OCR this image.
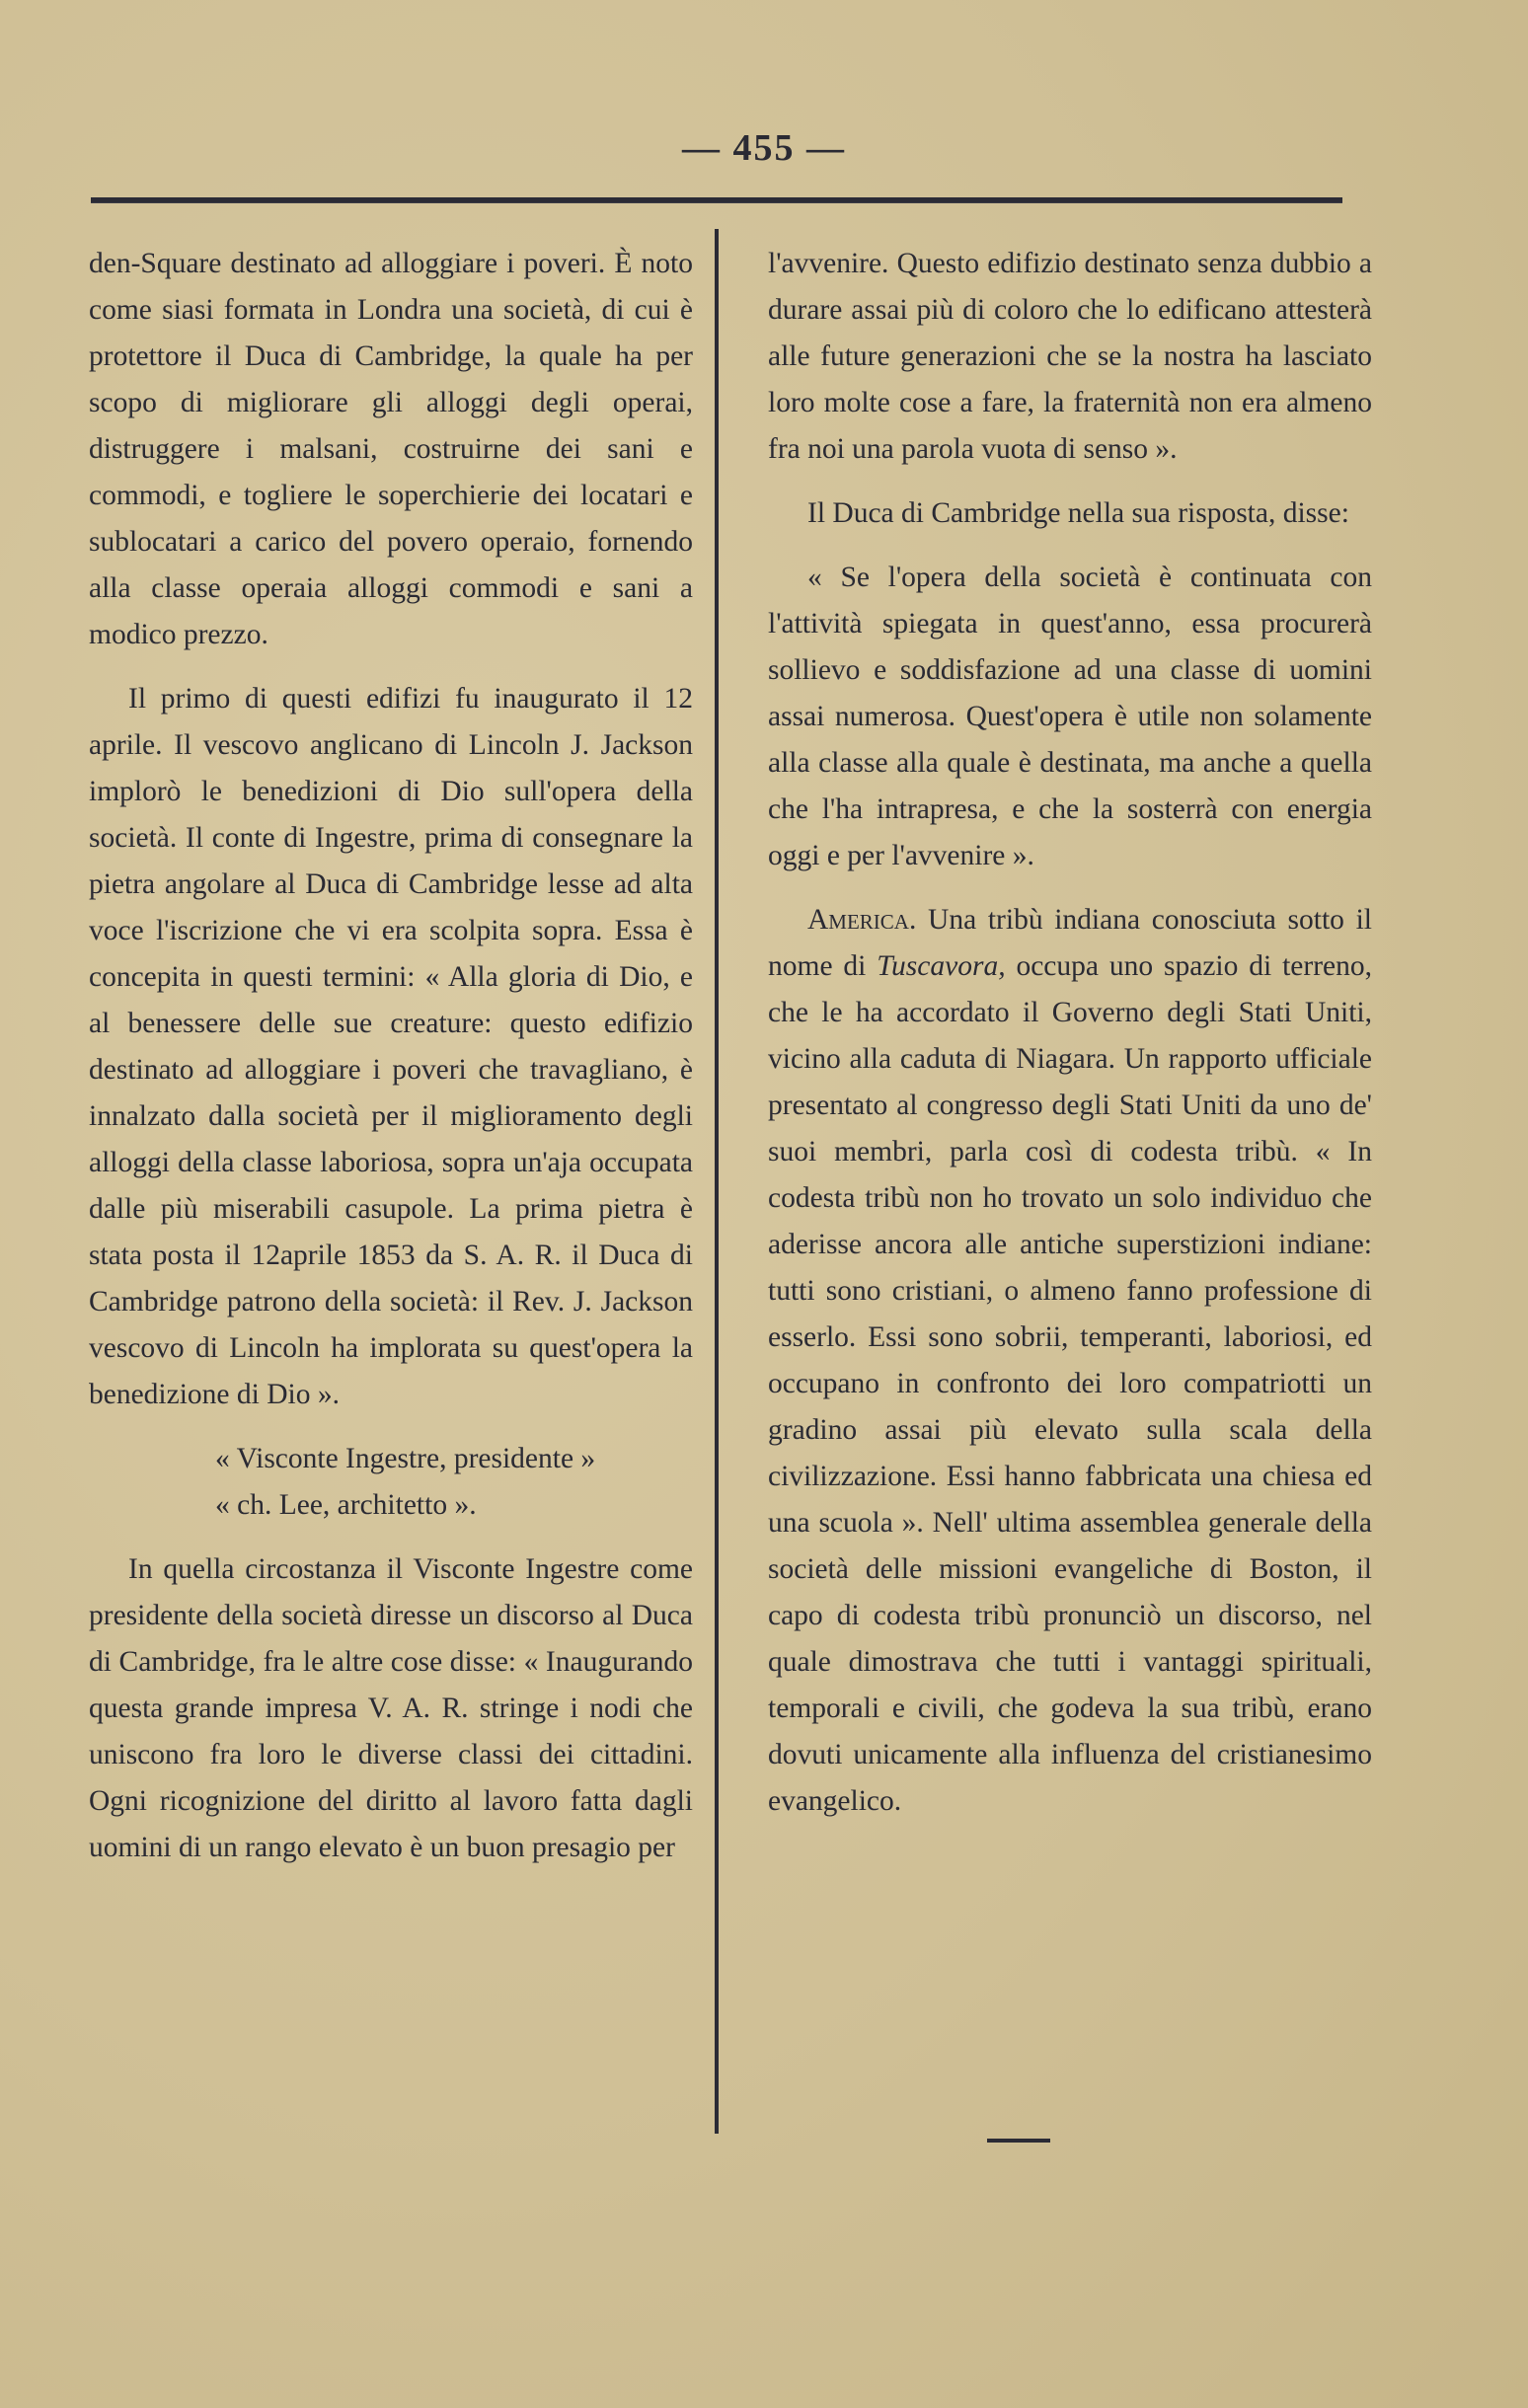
— 455 —

den-Square destinato ad alloggiare i poveri. È noto come siasi formata in Londra una società, di cui è protettore il Duca di Cambridge, la quale ha per scopo di migliorare gli alloggi degli operai, distruggere i malsani, costruirne dei sani e commodi, e togliere le soperchierie dei locatari e sublocatari a carico del povero operaio, fornendo alla classe operaia alloggi commodi e sani a modico prezzo.

Il primo di questi edifizi fu inaugurato il 12 aprile. Il vescovo anglicano di Lincoln J. Jackson implorò le benedizioni di Dio sull'opera della società. Il conte di Ingestre, prima di consegnare la pietra angolare al Duca di Cambridge lesse ad alta voce l'iscrizione che vi era scolpita sopra. Essa è concepita in questi termini: « Alla gloria di Dio, e al benessere delle sue creature: questo edifizio destinato ad alloggiare i poveri che travagliano, è innalzato dalla società per il miglioramento degli alloggi della classe laboriosa, sopra un'aja occupata dalle più miserabili casupole. La prima pietra è stata posta il 12aprile 1853 da S. A. R. il Duca di Cambridge patrono della società: il Rev. J. Jackson vescovo di Lincoln ha implorata su quest'opera la benedizione di Dio ».

« Visconte Ingestre, presidente »

« ch. Lee, architetto ».

In quella circostanza il Visconte Ingestre come presidente della società diresse un discorso al Duca di Cambridge, fra le altre cose disse: « Inaugurando questa grande impresa V. A. R. stringe i nodi che uniscono fra loro le diverse classi dei cittadini. Ogni ricognizione del diritto al lavoro fatta dagli uomini di un rango elevato è un buon presagio per

l'avvenire. Questo edifizio destinato senza dubbio a durare assai più di coloro che lo edificano attesterà alle future generazioni che se la nostra ha lasciato loro molte cose a fare, la fraternità non era almeno fra noi una parola vuota di senso ».

Il Duca di Cambridge nella sua risposta, disse:

« Se l'opera della società è continuata con l'attività spiegata in quest'anno, essa procurerà sollievo e soddisfazione ad una classe di uomini assai numerosa. Quest'opera è utile non solamente alla classe alla quale è destinata, ma anche a quella che l'ha intrapresa, e che la sosterrà con energia oggi e per l'avvenire ».

America. Una tribù indiana conosciuta sotto il nome di Tuscavora, occupa uno spazio di terreno, che le ha accordato il Governo degli Stati Uniti, vicino alla caduta di Niagara. Un rapporto ufficiale presentato al congresso degli Stati Uniti da uno de' suoi membri, parla così di codesta tribù. « In codesta tribù non ho trovato un solo individuo che aderisse ancora alle antiche superstizioni indiane: tutti sono cristiani, o almeno fanno professione di esserlo. Essi sono sobrii, temperanti, laboriosi, ed occupano in confronto dei loro compatriotti un gradino assai più elevato sulla scala della civilizzazione. Essi hanno fabbricata una chiesa ed una scuola ». Nell' ultima assemblea generale della società delle missioni evangeliche di Boston, il capo di codesta tribù pronunciò un discorso, nel quale dimostrava che tutti i vantaggi spirituali, temporali e civili, che godeva la sua tribù, erano dovuti unicamente alla influenza del cristianesimo evangelico.
